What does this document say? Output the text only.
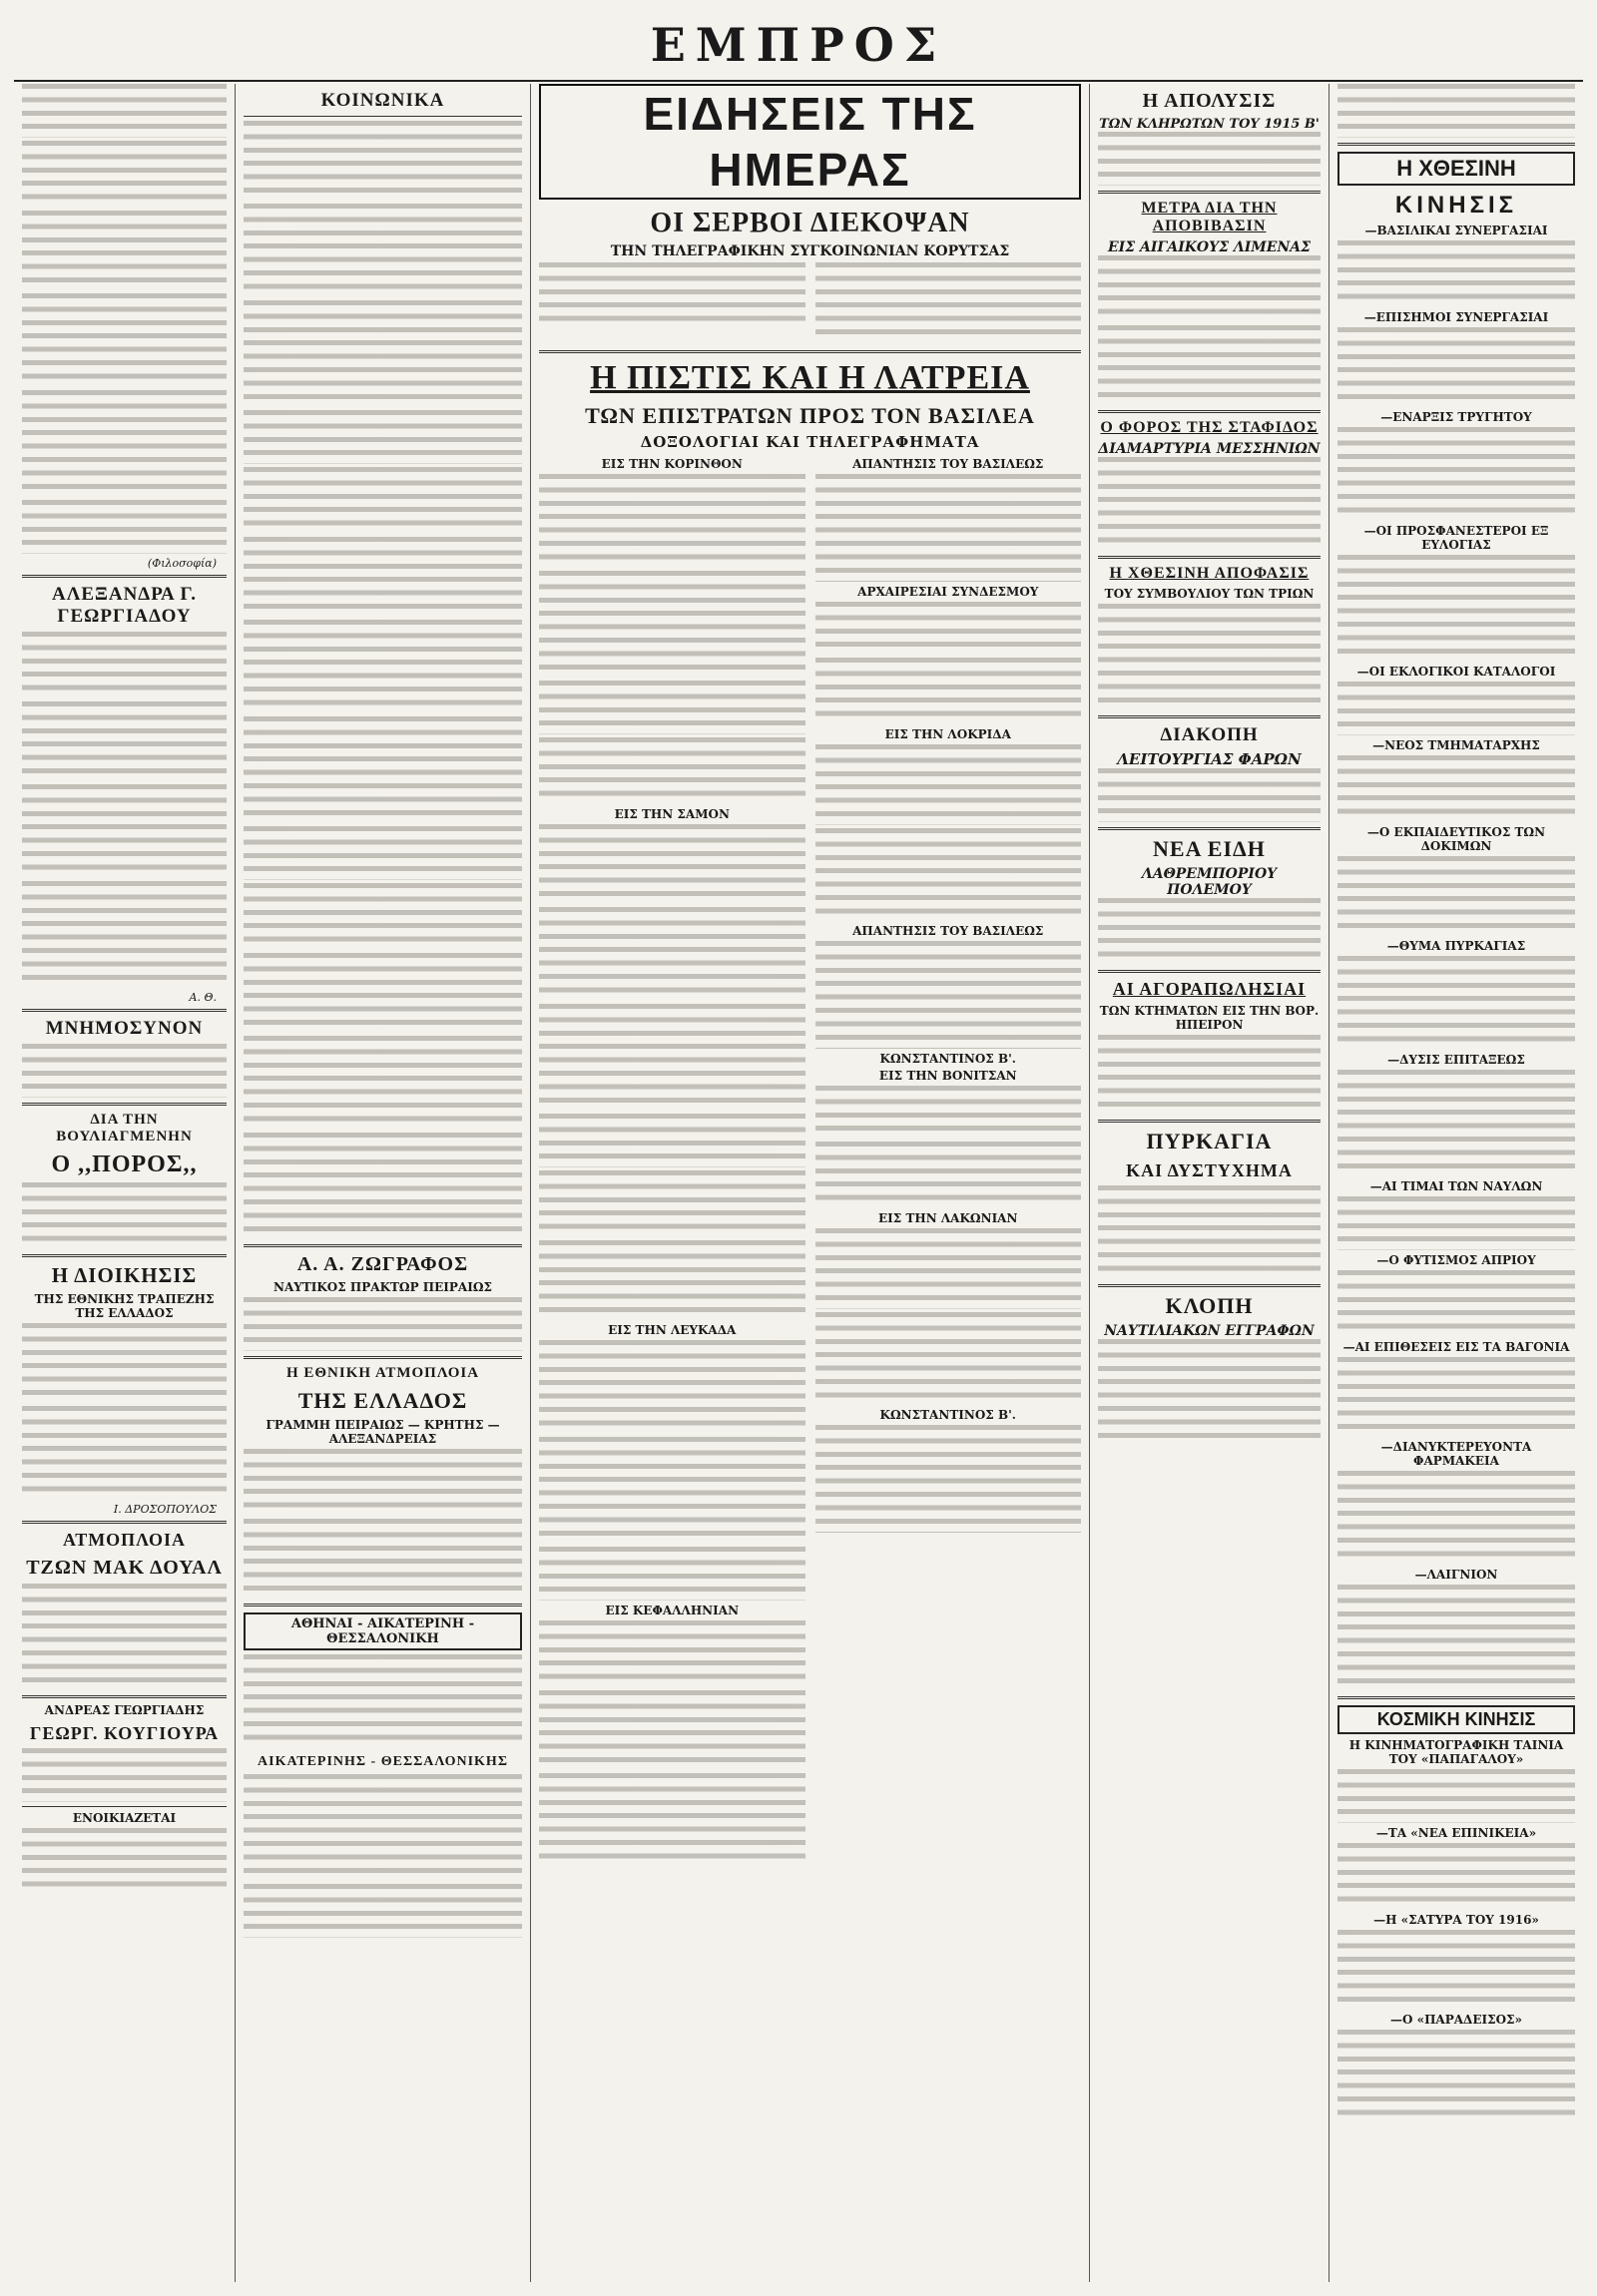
ΕΜΠΡΟΣ

(Φιλοσοφία)
ΑΛΕΞΑΝΔΡΑ Γ. ΓΕΩΡΓΙΑΔΟΥ

Α. Θ.
ΜΝΗΜΟΣΥΝΟΝ

ΔΙΑ ΤΗΝ ΒΟΥΛΙΑΓΜΕΝΗΝ
Ο ,,ΠΟΡΟΣ,,

Η ΔΙΟΙΚΗΣΙΣ
ΤΗΣ ΕΘΝΙΚΗΣ ΤΡΑΠΕΖΗΣ ΤΗΣ ΕΛΛΑΔΟΣ

Ι. ΔΡΟΣΟΠΟΥΛΟΣ
ΑΤΜΟΠΛΟΙΑ
ΤΖΩΝ ΜΑΚ ΔΟΥΑΛ

ΑΝΔΡΕΑΣ ΓΕΩΡΓΙΑΔΗΣ
ΓΕΩΡΓ. ΚΟΥΓΙΟΥΡΑ

ΕΝΟΙΚΙΑΖΕΤΑΙ

ΚΟΙΝΩΝΙΚΑ

Α. Α. ΖΩΓΡΑΦΟΣ
ΝΑΥΤΙΚΟΣ ΠΡΑΚΤΩΡ ΠΕΙΡΑΙΩΣ

Η ΕΘΝΙΚΗ ΑΤΜΟΠΛΟΙΑ
ΤΗΣ ΕΛΛΑΔΟΣ
ΓΡΑΜΜΗ ΠΕΙΡΑΙΩΣ — ΚΡΗΤΗΣ — ΑΛΕΞΑΝΔΡΕΙΑΣ

ΑΘΗΝΑΙ - ΑΙΚΑΤΕΡΙΝΗ - ΘΕΣΣΑΛΟΝΙΚΗ

ΑΙΚΑΤΕΡΙΝΗΣ - ΘΕΣΣΑΛΟΝΙΚΗΣ

ΕΙΔΗΣΕΙΣ ΤΗΣ ΗΜΕΡΑΣ
ΟΙ ΣΕΡΒΟΙ ΔΙΕΚΟΨΑΝ
ΤΗΝ ΤΗΛΕΓΡΑΦΙΚΗΝ ΣΥΓΚΟΙΝΩΝΙΑΝ ΚΟΡΥΤΣΑΣ

Η ΠΙΣΤΙΣ ΚΑΙ Η ΛΑΤΡΕΙΑ
ΤΩΝ ΕΠΙΣΤΡΑΤΩΝ ΠΡΟΣ ΤΟΝ ΒΑΣΙΛΕΑ
ΔΟΞΟΛΟΓΙΑΙ ΚΑΙ ΤΗΛΕΓΡΑΦΗΜΑΤΑ
ΕΙΣ ΤΗΝ ΚΟΡΙΝΘΟΝ

ΕΙΣ ΤΗΝ ΣΑΜΟΝ

ΕΙΣ ΤΗΝ ΛΕΥΚΑΔΑ

ΕΙΣ ΚΕΦΑΛΛΗΝΙΑΝ

ΑΠΑΝΤΗΣΙΣ ΤΟΥ ΒΑΣΙΛΕΩΣ

ΑΡΧΑΙΡΕΣΙΑΙ ΣΥΝΔΕΣΜΟΥ

ΕΙΣ ΤΗΝ ΛΟΚΡΙΔΑ

ΑΠΑΝΤΗΣΙΣ ΤΟΥ ΒΑΣΙΛΕΩΣ

ΚΩΝΣΤΑΝΤΙΝΟΣ Β'.
ΕΙΣ ΤΗΝ ΒΟΝΙΤΣΑΝ

ΕΙΣ ΤΗΝ ΛΑΚΩΝΙΑΝ

ΚΩΝΣΤΑΝΤΙΝΟΣ Β'.

Η ΑΠΟΛΥΣΙΣ
ΤΩΝ ΚΛΗΡΩΤΩΝ ΤΟΥ 1915 Β'

ΜΕΤΡΑ ΔΙΑ ΤΗΝ ΑΠΟΒΙΒΑΣΙΝ
ΕΙΣ ΑΙΓΑΙΚΟΥΣ ΛΙΜΕΝΑΣ

Ο ΦΟΡΟΣ ΤΗΣ ΣΤΑΦΙΔΟΣ
ΔΙΑΜΑΡΤΥΡΙΑ ΜΕΣΣΗΝΙΩΝ

Η ΧΘΕΣΙΝΗ ΑΠΟΦΑΣΙΣ
ΤΟΥ ΣΥΜΒΟΥΛΙΟΥ ΤΩΝ ΤΡΙΩΝ

ΔΙΑΚΟΠΗ
ΛΕΙΤΟΥΡΓΙΑΣ ΦΑΡΩΝ

ΝΕΑ ΕΙΔΗ
ΛΑΘΡΕΜΠΟΡΙΟΥ ΠΟΛΕΜΟΥ

ΑΙ ΑΓΟΡΑΠΩΛΗΣΙΑΙ
ΤΩΝ ΚΤΗΜΑΤΩΝ ΕΙΣ ΤΗΝ ΒΟΡ. ΗΠΕΙΡΟΝ

ΠΥΡΚΑΓΙΑ
ΚΑΙ ΔΥΣΤΥΧΗΜΑ

ΚΛΟΠΗ
ΝΑΥΤΙΛΙΑΚΩΝ ΕΓΓΡΑΦΩΝ

Η ΧΘΕΣΙΝΗ
ΚΙΝΗΣΙΣ
—ΒΑΣΙΛΙΚΑΙ ΣΥΝΕΡΓΑΣΙΑΙ

—ΕΠΙΣΗΜΟΙ ΣΥΝΕΡΓΑΣΙΑΙ

—ΕΝΑΡΞΙΣ ΤΡΥΓΗΤΟΥ

—ΟΙ ΠΡΟΣΦΑΝΕΣΤΕΡΟΙ ΕΞ ΕΥΛΟΓΙΑΣ

—ΟΙ ΕΚΛΟΓΙΚΟΙ ΚΑΤΑΛΟΓΟΙ

—ΝΕΟΣ ΤΜΗΜΑΤΑΡΧΗΣ

—Ο ΕΚΠΑΙΔΕΥΤΙΚΟΣ ΤΩΝ ΔΟΚΙΜΩΝ

—ΘΥΜΑ ΠΥΡΚΑΓΙΑΣ

—ΔΥΣΙΣ ΕΠΙΤΑΞΕΩΣ

—ΑΙ ΤΙΜΑΙ ΤΩΝ ΝΑΥΛΩΝ

—Ο ΦΥΤΙΣΜΟΣ ΑΠΡΙΟΥ

—ΑΙ ΕΠΙΘΕΣΕΙΣ ΕΙΣ ΤΑ ΒΑΓΟΝΙΑ

—ΔΙΑΝΥΚΤΕΡΕΥΟΝΤΑ ΦΑΡΜΑΚΕΙΑ

—ΛΑΙΓΝΙΟΝ

ΚΟΣΜΙΚΗ ΚΙΝΗΣΙΣ
Η ΚΙΝΗΜΑΤΟΓΡΑΦΙΚΗ ΤΑΙΝΙΑ ΤΟΥ «ΠΑΠΑΓΑΛΟΥ»

—ΤΑ «ΝΕΑ ΕΠΙΝΙΚΕΙΑ»

—Η «ΣΑΤΥΡΑ ΤΟΥ 1916»

—Ο «ΠΑΡΑΔΕΙΣΟΣ»
